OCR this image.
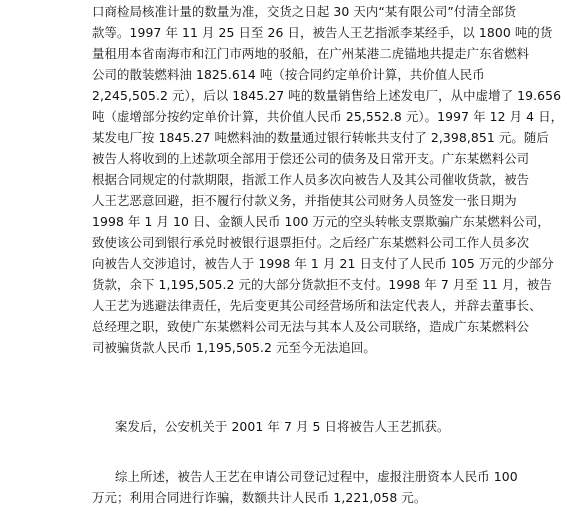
口商检局核准计量的数量为准，交货之日起 30 天内“某有限公司”付清全部货
款等。1997 年 11 月 25 日至 26 日，被告人王艺指派李某经手，以 1800 吨的货
量租用本省南海市和江门市两地的驳船，在广州某港二虎锚地共提走广东省燃料
公司的散装燃料油 1825.614 吨（按合同约定单价计算，共价值人民币
2,245,505.2 元），后以 1845.27 吨的数量销售给上述发电厂，从中虚增了 19.656
吨（虚增部分按约定单价计算，共价值人民币 25,552.8 元）。1997 年 12 月 4 日，
某发电厂按 1845.27 吨燃料油的数量通过银行转帐共支付了 2,398,851 元。随后
被告人将收到的上述款项全部用于偿还公司的债务及日常开支。广东某燃料公司
根据合同规定的付款期限，指派工作人员多次向被告人及其公司催收货款，被告
人王艺恶意回避，拒不履行付款义务，并指使其公司财务人员签发一张日期为
1998 年 1 月 10 日、金额人民币 100 万元的空头转帐支票欺骗广东某燃料公司，
致使该公司到银行承兑时被银行退票拒付。之后经广东某燃料公司工作人员多次
向被告人交涉追讨，被告人于 1998 年 1 月 21 日支付了人民币 105 万元的少部分
货款，余下 1,195,505.2 元的大部分货款拒不支付。1998 年 7 月至 11 月，被告
人王艺为逃避法律责任，先后变更其公司经营场所和法定代表人，并辞去董事长、
总经理之职，致使广东某燃料公司无法与其本人及公司联络，造成广东某燃料公
司被骗货款人民币 1,195,505.2 元至今无法追回。
案发后，公安机关于 2001 年 7 月 5 日将被告人王艺抓获。
综上所述，被告人王艺在申请公司登记过程中，虚报注册资本人民币 100
万元；利用合同进行诈骗，数额共计人民币 1,221,058 元。
